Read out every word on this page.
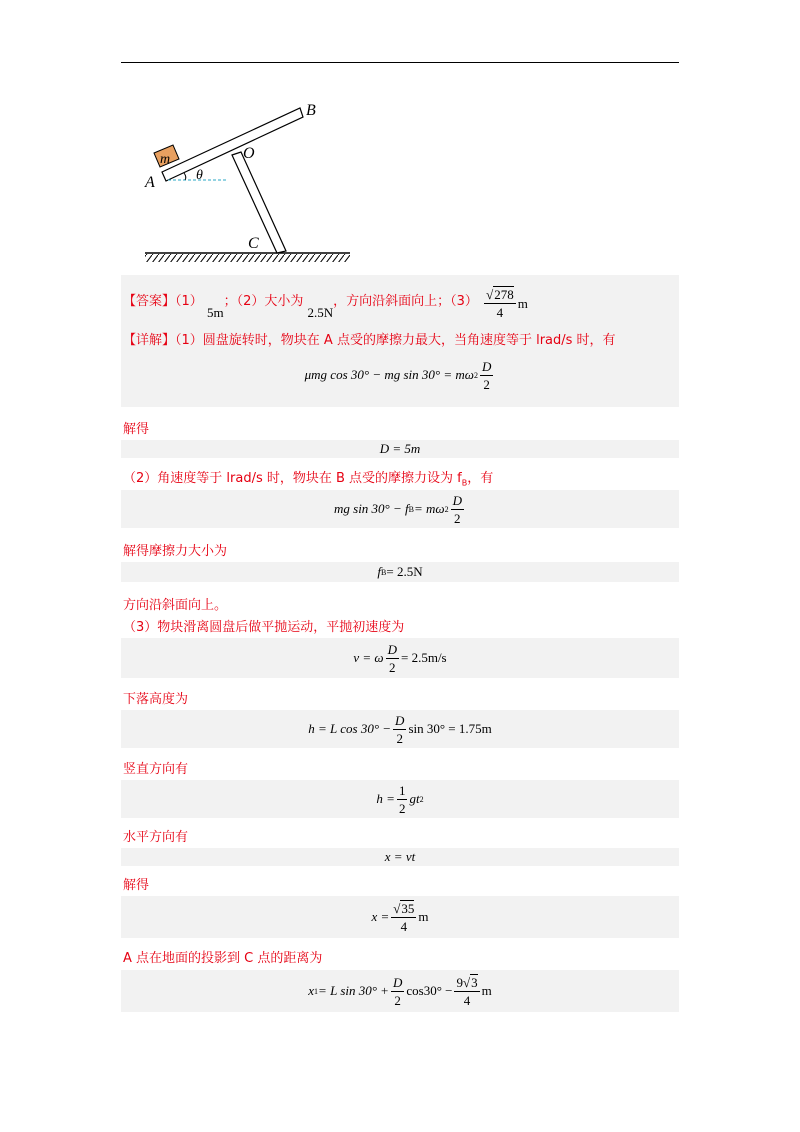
B
O
A
C
m
θ
【答案】（1） 5m；（2）大小为 2.5N，方向沿斜面向上；$(3) \frac{√278}{4}$ m
【详解】（1）圆盘旋转时，物块在 A 点受的摩擦力最大，当角速度等于 lrad/s 时，有
μmg cos 30° − mg sin 30° = mω $2 \frac{D}{2}$
解得
D = 5m
（2）角速度等于 lrad/s 时，物块在 B 点受的摩擦力设为 $f_B$，有
mg sin 30° − f B = mω $2 \frac{D}{2}$
解得摩擦力大小为
f B = 2.5N
方向沿斜面向上。
（3）物块滑离圆盘后做平抛运动，平抛初速度为
v = ω $\frac{D}{2} = 2.5m/s$
下落高度为
h = L $\cos 30^\circ - \frac{D}{2}$ sin 30° = 1.75m
竖直方向有
$h = \frac{1}{2}$ gt 2
水平方向有
x = vt
解得
$x = \frac{√35}{4}$ m
A 点在地面的投影到 C 点的距离为
x 1 = L $\sin 30^\circ + \frac{D}{2} \cos 30^\circ - \frac{9√3}{4}$ m
